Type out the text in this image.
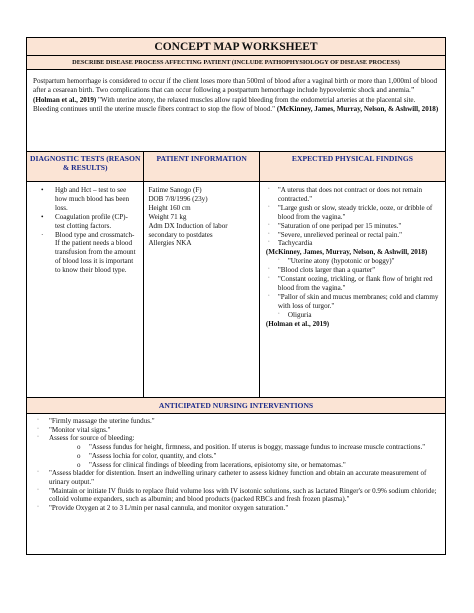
CONCEPT MAP WORKSHEET
DESCRIBE DISEASE PROCESS AFFECTING PATIENT (INCLUDE PATHOPHYSIOLOGY OF DISEASE PROCESS)
Postpartum hemorrhage is considered to occur if the client loses more than 500ml of blood after a vaginal birth or more than 1,000ml of blood after a cesarean birth. Two complications that can occur following a postpartum hemorrhage include hypovolemic shock and anemia." (Holman et al., 2019) "With uterine atony, the relaxed muscles allow rapid bleeding from the endometrial arteries at the placental site. Bleeding continues until the uterine muscle fibers contract to stop the flow of blood." (McKinney, James, Murray, Nelson, & Ashwill, 2018)
DIAGNOSTIC TESTS (REASON & RESULTS)
• Hgb and Hct – test to see how much blood has been loss.
• Coagulation profile (CP)- test clotting factors.
· Blood type and crossmatch- If the patient needs a blood transfusion from the amount of blood loss it is important to know their blood type.
PATIENT INFORMATION
Fatime Sanogo (F)
DOB 7/8/1996 (23y)
Height 160 cm
Weight 71 kg
Adm DX Induction of labor secondary to postdates
Allergies NKA
EXPECTED PHYSICAL FINDINGS
· "A uterus that does not contract or does not remain contracted."
· "Large gush or slow, steady trickle, ooze, or dribble of blood from the vagina."
· "Saturation of one peripad per 15 minutes."
· "Severe, unrelieved perineal or rectal pain."
· Tachycardia
(McKinney, James, Murray, Nelson, & Ashwill, 2018)
· "Uterine atony (hypotonic or boggy)"
· "Blood clots larger than a quarter"
· "Constant oozing, trickling, or flank flow of bright red blood from the vagina."
· "Pallor of skin and mucus membranes; cold and clammy with loss of turgor."
· Oliguria
(Holman et al., 2019)
ANTICIPATED NURSING INTERVENTIONS
· "Firmly massage the uterine fundus."
· "Monitor vital signs."
· Assess for source of bleeding:
o "Assess fundus for height, firmness, and position. If uterus is boggy, massage fundus to increase muscle contractions."
o "Assess lochia for color, quantity, and clots."
o "Assess for clinical findings of bleeding from lacerations, episiotomy site, or hematomas."
· "Assess bladder for distention. Insert an indwelling urinary catheter to assess kidney function and obtain an accurate measurement of urinary output."
· "Maintain or initiate IV fluids to replace fluid volume loss with IV isotonic solutions, such as lactated Ringer's or 0.9% sodium chloride; colloid volume expanders, such as albumin; and blood products (packed RBCs and fresh frozen plasma)."
· "Provide Oxygen at 2 to 3 L/min per nasal cannula, and monitor oxygen saturation."
